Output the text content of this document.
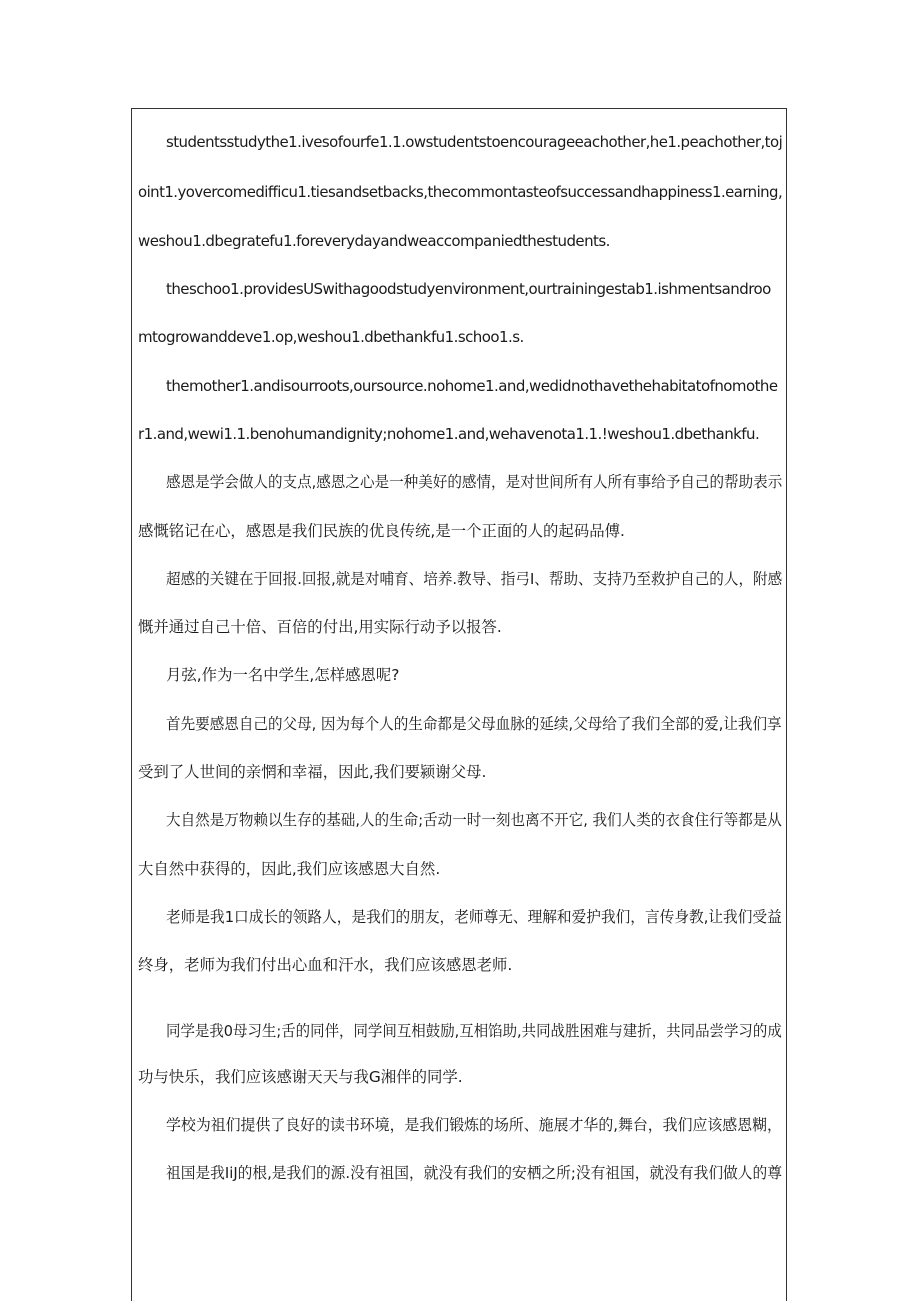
studentsstudythe1.ivesofourfe1.1.owstudentstoencourageeachother,he1.peachother,toj
oint1.yovercomedifficu1.tiesandsetbacks,thecommontasteofsuccessandhappiness1.earning,
weshou1.dbegratefu1.foreverydayandweaccompaniedthestudents.
theschoo1.providesUSwithagoodstudyenvironment,ourtrainingestab1.ishmentsandroo
mtogrowanddeve1.op,weshou1.dbethankfu1.schoo1.s.
themother1.andisourroots,oursource.nohome1.and,wedidnothavethehabitatofnomothe
r1.and,wewi1.1.benohumandignity;nohome1.and,wehavenota1.1.!weshou1.dbethankfu.
感恩是学会做人的支点,感恩之心是一种美好的感情，是对世间所有人所有事给予自己的帮助表示
感慨铭记在心，感恩是我们民族的优良传统,是一个正面的人的起码品傅.
超感的关键在于回报.回报,就是对哺育、培养.教导、指弓I、帮助、支持乃至救护自己的人，附感
慨并通过自己十倍、百倍的付出,用实际行动予以报答.
月弦,作为一名中学生,怎样感恩呢?
首先要感恩自己的父母, 因为每个人的生命都是父母血脉的延续,父母给了我们全部的爱,让我们享
受到了人世间的亲惘和幸福，因此,我们要颍谢父母.
大自然是万物赖以生存的基础,人的生命;舌动一时一刻也离不开它, 我们人类的衣食住行等都是从
大自然中获得的，因此,我们应该感恩大自然.
老师是我1口成长的领路人，是我们的朋友，老师尊无、理解和爱护我们，言传身教,让我们受益
终身，老师为我们付出心血和汗水，我们应该感恩老师.
同学是我0母习生;舌的同伴，同学间互相鼓励,互相馅助,共同战胜困难与建折，共同品尝学习的成
功与快乐，我们应该感谢天天与我G湘伴的同学.
学校为祖们提供了良好的读书环境，是我们锻炼的场所、施展才华的,舞台，我们应该感恩糊，
祖国是我IiJ的根,是我们的源.没有祖国，就没有我们的安栖之所;没有祖国，就没有我们做人的尊
